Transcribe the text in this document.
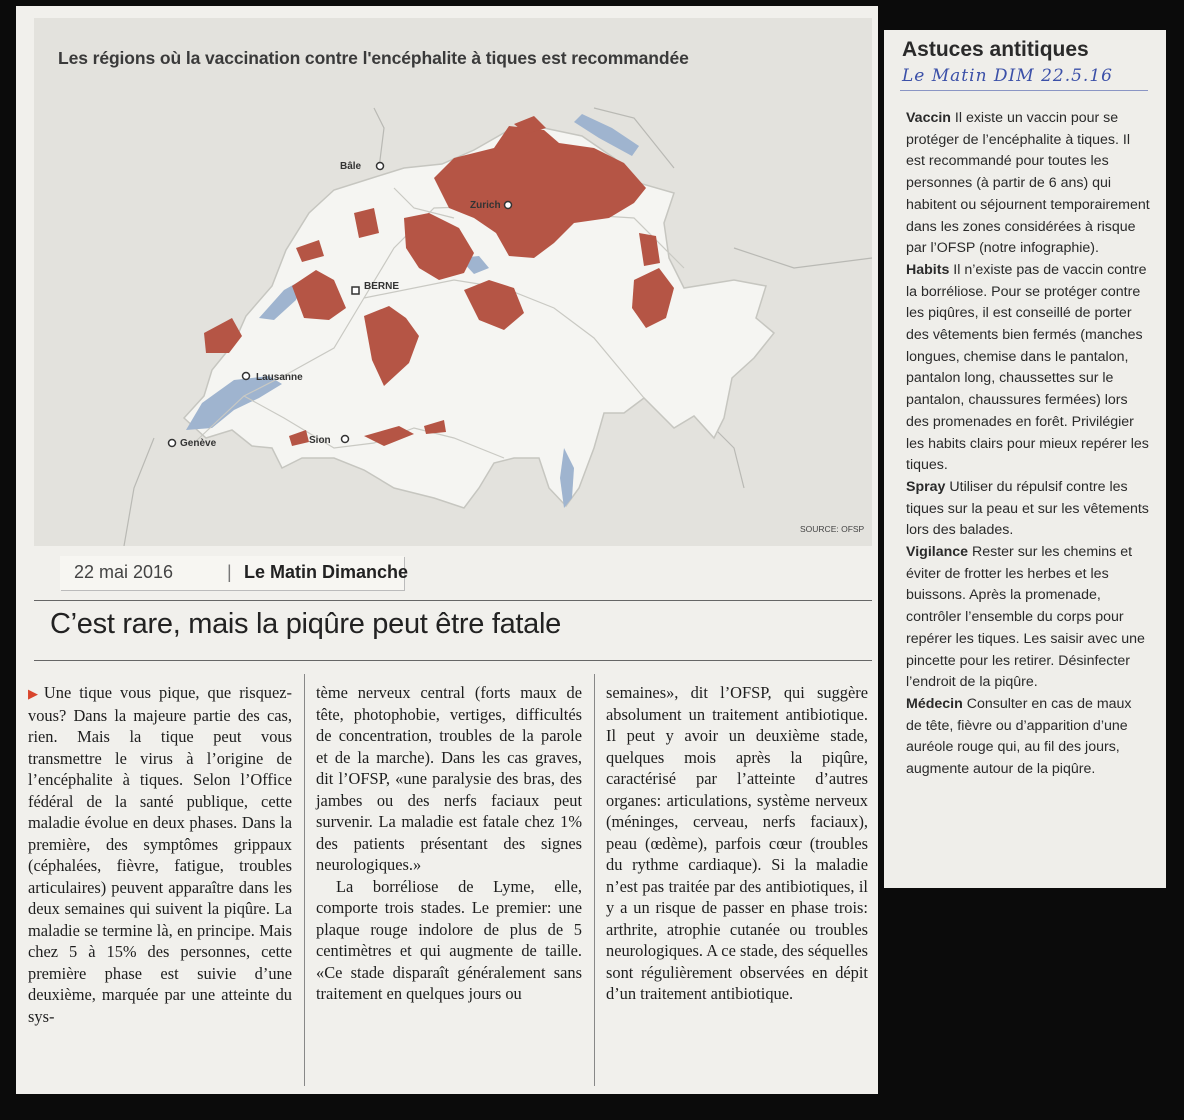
Bâle
Zurich
BERNE
Lausanne
Genève	Sion
Les régions où la vaccination contre l'encéphalite à tiques est recommandée
SOURCE: OFSP
22 mai 2016	| Le Matin Dimanche
C’est rare, mais la piqûre peut être fatale

▶ Une tique vous pique, que risquez-vous? Dans la majeure partie des cas, rien. Mais la tique peut vous transmettre le virus à l’origine de l’encéphalite à tiques. Selon l’Office fédéral de la santé publique, cette maladie évolue en deux phases. Dans la première, des symptômes grippaux (céphalées, fièvre, fatigue, troubles articulaires) peuvent apparaître dans les deux semaines qui suivent la piqûre. La maladie se termine là, en principe. Mais chez 5 à 15% des personnes, cette première phase est suivie d’une deuxième, marquée par une atteinte du sys-

tème nerveux central (forts maux de tête, photophobie, vertiges, difficultés de concentration, troubles de la parole et de la marche). Dans les cas graves, dit l’OFSP, «une paralysie des bras, des jambes ou des nerfs faciaux peut survenir. La maladie est fatale chez 1% des patients présentant des signes neurologiques.»

La borréliose de Lyme, elle, comporte trois stades. Le premier: une plaque rouge indolore de plus de 5 centimètres et qui augmente de taille. «Ce stade disparaît généralement sans traitement en quelques jours ou

semaines», dit l’OFSP, qui suggère absolument un traitement antibiotique. Il peut y avoir un deuxième stade, quelques mois après la piqûre, caractérisé par l’atteinte d’autres organes: articulations, système nerveux (méninges, cerveau, nerfs faciaux), peau (œdème), parfois cœur (troubles du rythme cardiaque). Si la maladie n’est pas traitée par des antibiotiques, il y a un risque de passer en phase trois: arthrite, atrophie cutanée ou troubles neurologiques. A ce stade, des séquelles sont régulièrement observées en dépit d’un traitement antibiotique.

Astuces antitiques
Le Matin DIM 22.5.16

Vaccin Il existe un vaccin pour se protéger de l’encéphalite à tiques. Il est recommandé pour toutes les personnes (à partir de 6 ans) qui habitent ou séjournent temporairement dans les zones considérées à risque par l’OFSP (notre infographie).

Habits Il n’existe pas de vaccin contre la borréliose. Pour se protéger contre les piqûres, il est conseillé de porter des vêtements bien fermés (manches longues, chemise dans le pantalon, pantalon long, chaussettes sur le pantalon, chaussures fermées) lors des promenades en forêt. Privilégier les habits clairs pour mieux repérer les tiques.

Spray Utiliser du répulsif contre les tiques sur la peau et sur les vêtements lors des balades.

Vigilance Rester sur les chemins et éviter de frotter les herbes et les buissons. Après la promenade, contrôler l’ensemble du corps pour repérer les tiques. Les saisir avec une pincette pour les retirer. Désinfecter l’endroit de la piqûre.

Médecin Consulter en cas de maux de tête, fièvre ou d’apparition d’une auréole rouge qui, au fil des jours, augmente autour de la piqûre.
